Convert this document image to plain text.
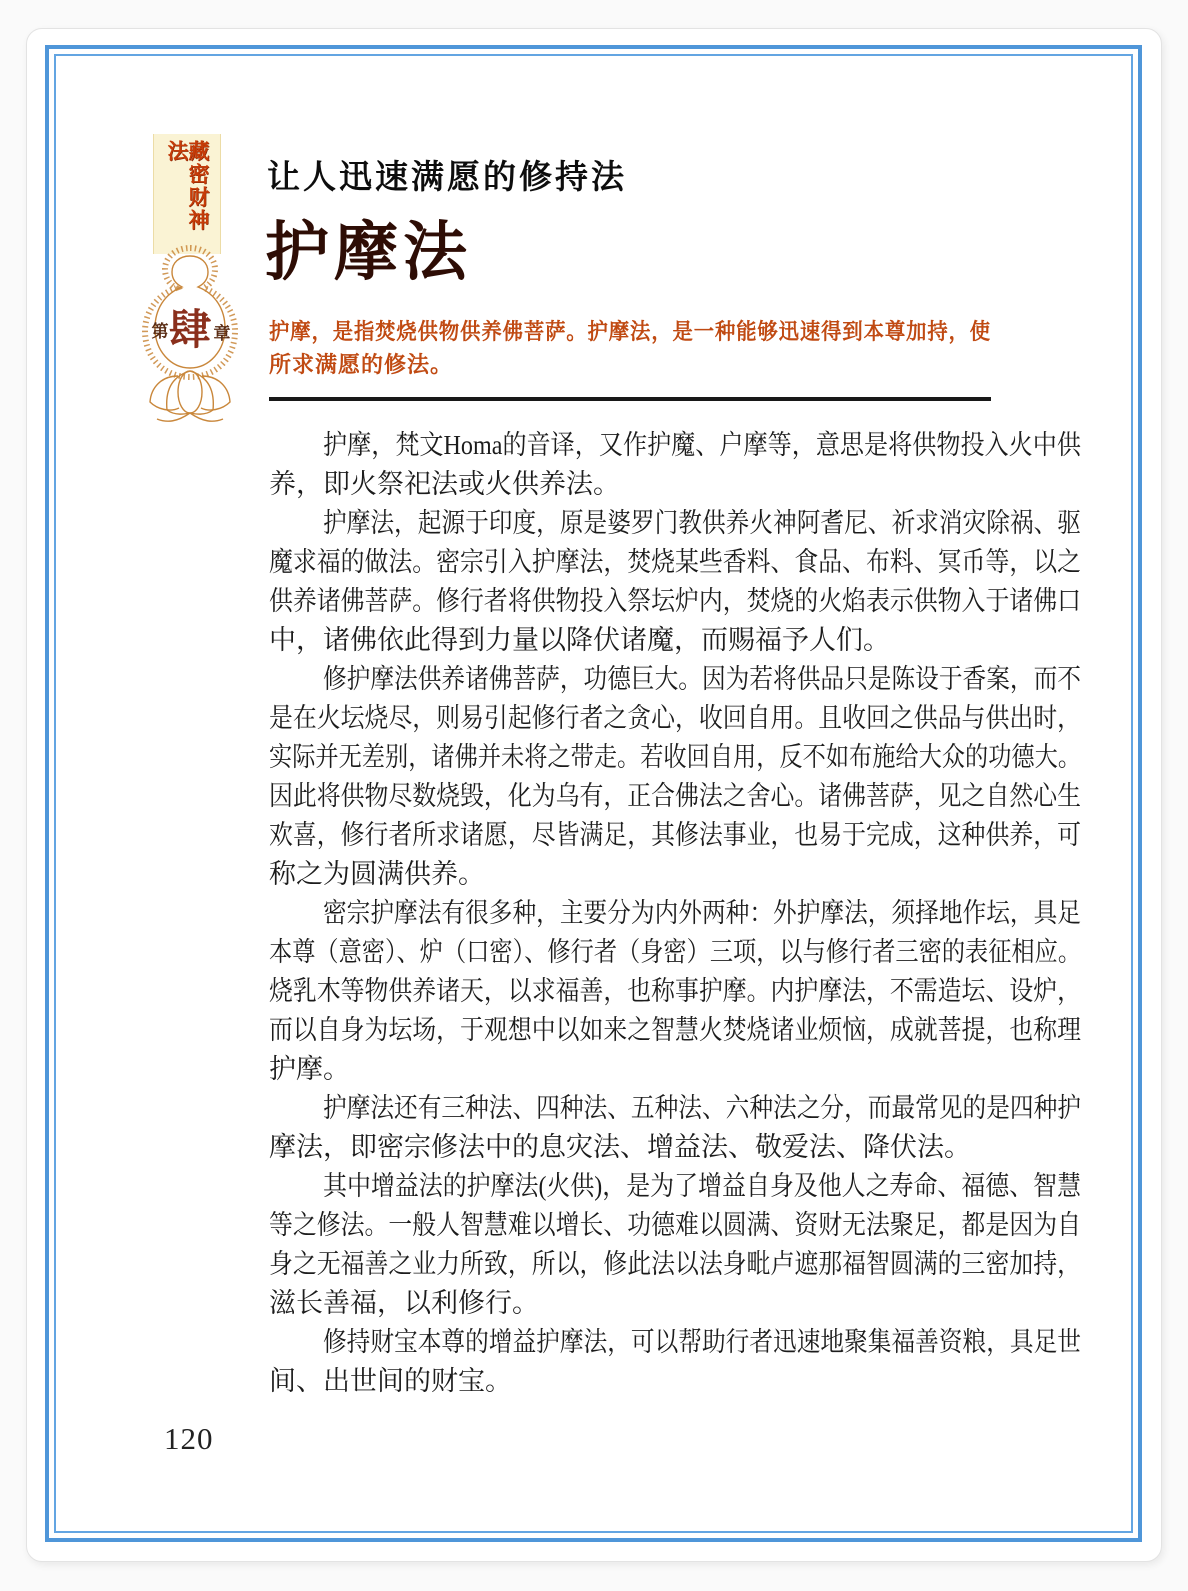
藏密财神法
第 肆 章
让人迅速满愿的修持法
护摩法
护摩，是指焚烧供物供养佛菩萨。护摩法，是一种能够迅速得到本尊加持，使
所求满愿的修法。
护摩，梵文Homa的音译，又作护魔、户摩等，意思是将供物投入火中供
养，即火祭祀法或火供养法。
护摩法，起源于印度，原是婆罗门教供养火神阿耆尼、祈求消灾除祸、驱
魔求福的做法。密宗引入护摩法，焚烧某些香料、食品、布料、冥币等，以之
供养诸佛菩萨。修行者将供物投入祭坛炉内，焚烧的火焰表示供物入于诸佛口
中，诸佛依此得到力量以降伏诸魔，而赐福予人们。
修护摩法供养诸佛菩萨，功德巨大。因为若将供品只是陈设于香案，而不
是在火坛烧尽，则易引起修行者之贪心，收回自用。且收回之供品与供出时，
实际并无差别，诸佛并未将之带走。若收回自用，反不如布施给大众的功德大。
因此将供物尽数烧毁，化为乌有，正合佛法之舍心。诸佛菩萨，见之自然心生
欢喜，修行者所求诸愿，尽皆满足，其修法事业，也易于完成，这种供养，可
称之为圆满供养。
密宗护摩法有很多种，主要分为内外两种：外护摩法，须择地作坛，具足
本尊（意密）、炉（口密）、修行者（身密）三项，以与修行者三密的表征相应。
烧乳木等物供养诸天，以求福善，也称事护摩。内护摩法，不需造坛、设炉，
而以自身为坛场，于观想中以如来之智慧火焚烧诸业烦恼，成就菩提，也称理
护摩。
护摩法还有三种法、四种法、五种法、六种法之分，而最常见的是四种护
摩法，即密宗修法中的息灾法、增益法、敬爱法、降伏法。
其中增益法的护摩法(火供)，是为了增益自身及他人之寿命、福德、智慧
等之修法。一般人智慧难以增长、功德难以圆满、资财无法聚足，都是因为自
身之无福善之业力所致，所以，修此法以法身毗卢遮那福智圆满的三密加持，
滋长善福，以利修行。
修持财宝本尊的增益护摩法，可以帮助行者迅速地聚集福善资粮，具足世
间、出世间的财宝。
120
